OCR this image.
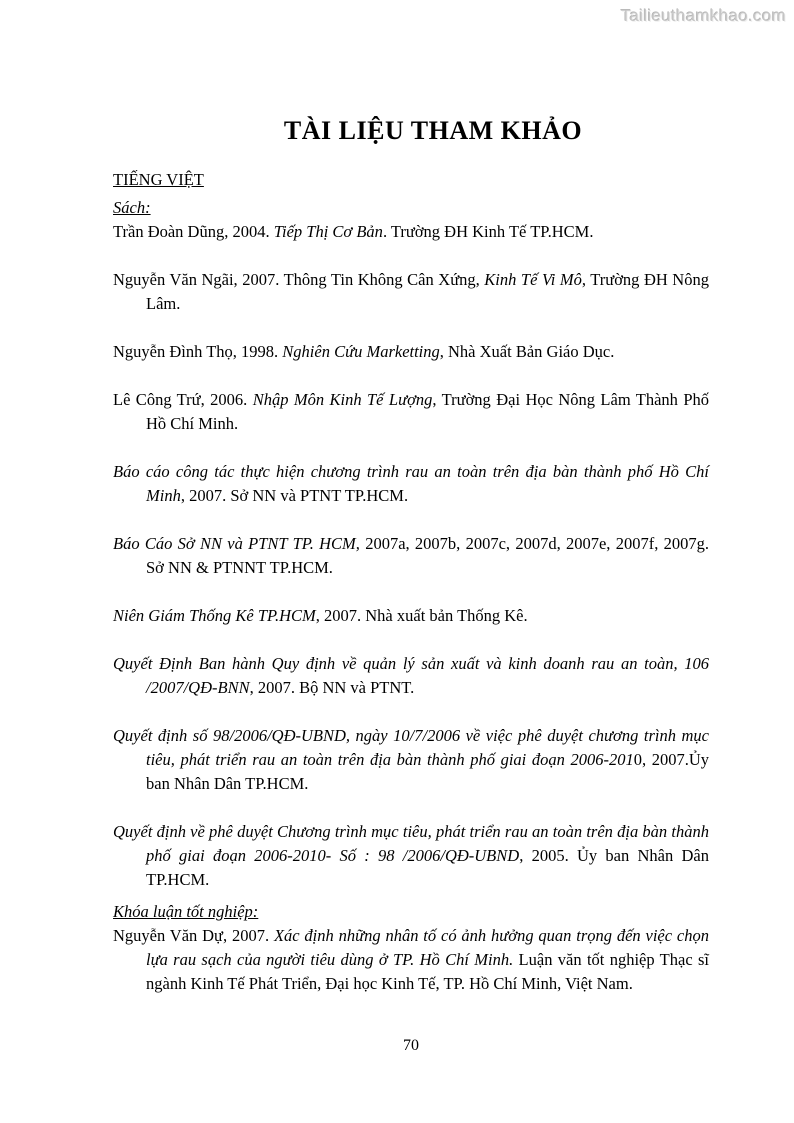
Tailieuthamkhao.com
TÀI LIỆU THAM KHẢO
TIẾNG VIỆT
Sách:

Trần Đoàn Dũng, 2004. Tiếp Thị Cơ Bản. Trường ĐH Kinh Tế TP.HCM.

Nguyễn Văn Ngãi, 2007. Thông Tin Không Cân Xứng, Kinh Tế Vi Mô, Trường ĐH Nông Lâm.

Nguyễn Đình Thọ, 1998. Nghiên Cứu Marketting, Nhà Xuất Bản Giáo Dục.

Lê Công Trứ, 2006. Nhập Môn Kinh Tế Lượng, Trường Đại Học Nông Lâm Thành Phố Hồ Chí Minh.

Báo cáo công tác thực hiện chương trình rau an toàn trên địa bàn thành phố Hồ Chí Minh, 2007. Sở NN và PTNT TP.HCM.

Báo Cáo Sở NN và PTNT TP. HCM, 2007a, 2007b, 2007c, 2007d, 2007e, 2007f, 2007g. Sở NN & PTNNT TP.HCM.

Niên Giám Thống Kê TP.HCM, 2007. Nhà xuất bản Thống Kê.

Quyết Định Ban hành Quy định về quản lý sản xuất và kinh doanh rau an toàn, 106 /2007/QĐ-BNN, 2007. Bộ NN và PTNT.

Quyết định số 98/2006/QĐ-UBND, ngày 10/7/2006 về việc phê duyệt chương trình mục tiêu, phát triển rau an toàn trên địa bàn thành phố giai đoạn 2006-2010, 2007.Ủy ban Nhân Dân TP.HCM.

Quyết định về phê duyệt Chương trình mục tiêu, phát triển rau an toàn trên địa bàn thành phố giai đoạn 2006-2010- Số : 98 /2006/QĐ-UBND, 2005. Ủy ban Nhân Dân TP.HCM.

Khóa luận tốt nghiệp:

Nguyễn Văn Dự, 2007. Xác định những nhân tố có ảnh hưởng quan trọng đến việc chọn lựa rau sạch của người tiêu dùng ở TP. Hồ Chí Minh. Luận văn tốt nghiệp Thạc sĩ ngành Kinh Tế Phát Triển, Đại học Kinh Tế, TP. Hồ Chí Minh, Việt Nam.

70
